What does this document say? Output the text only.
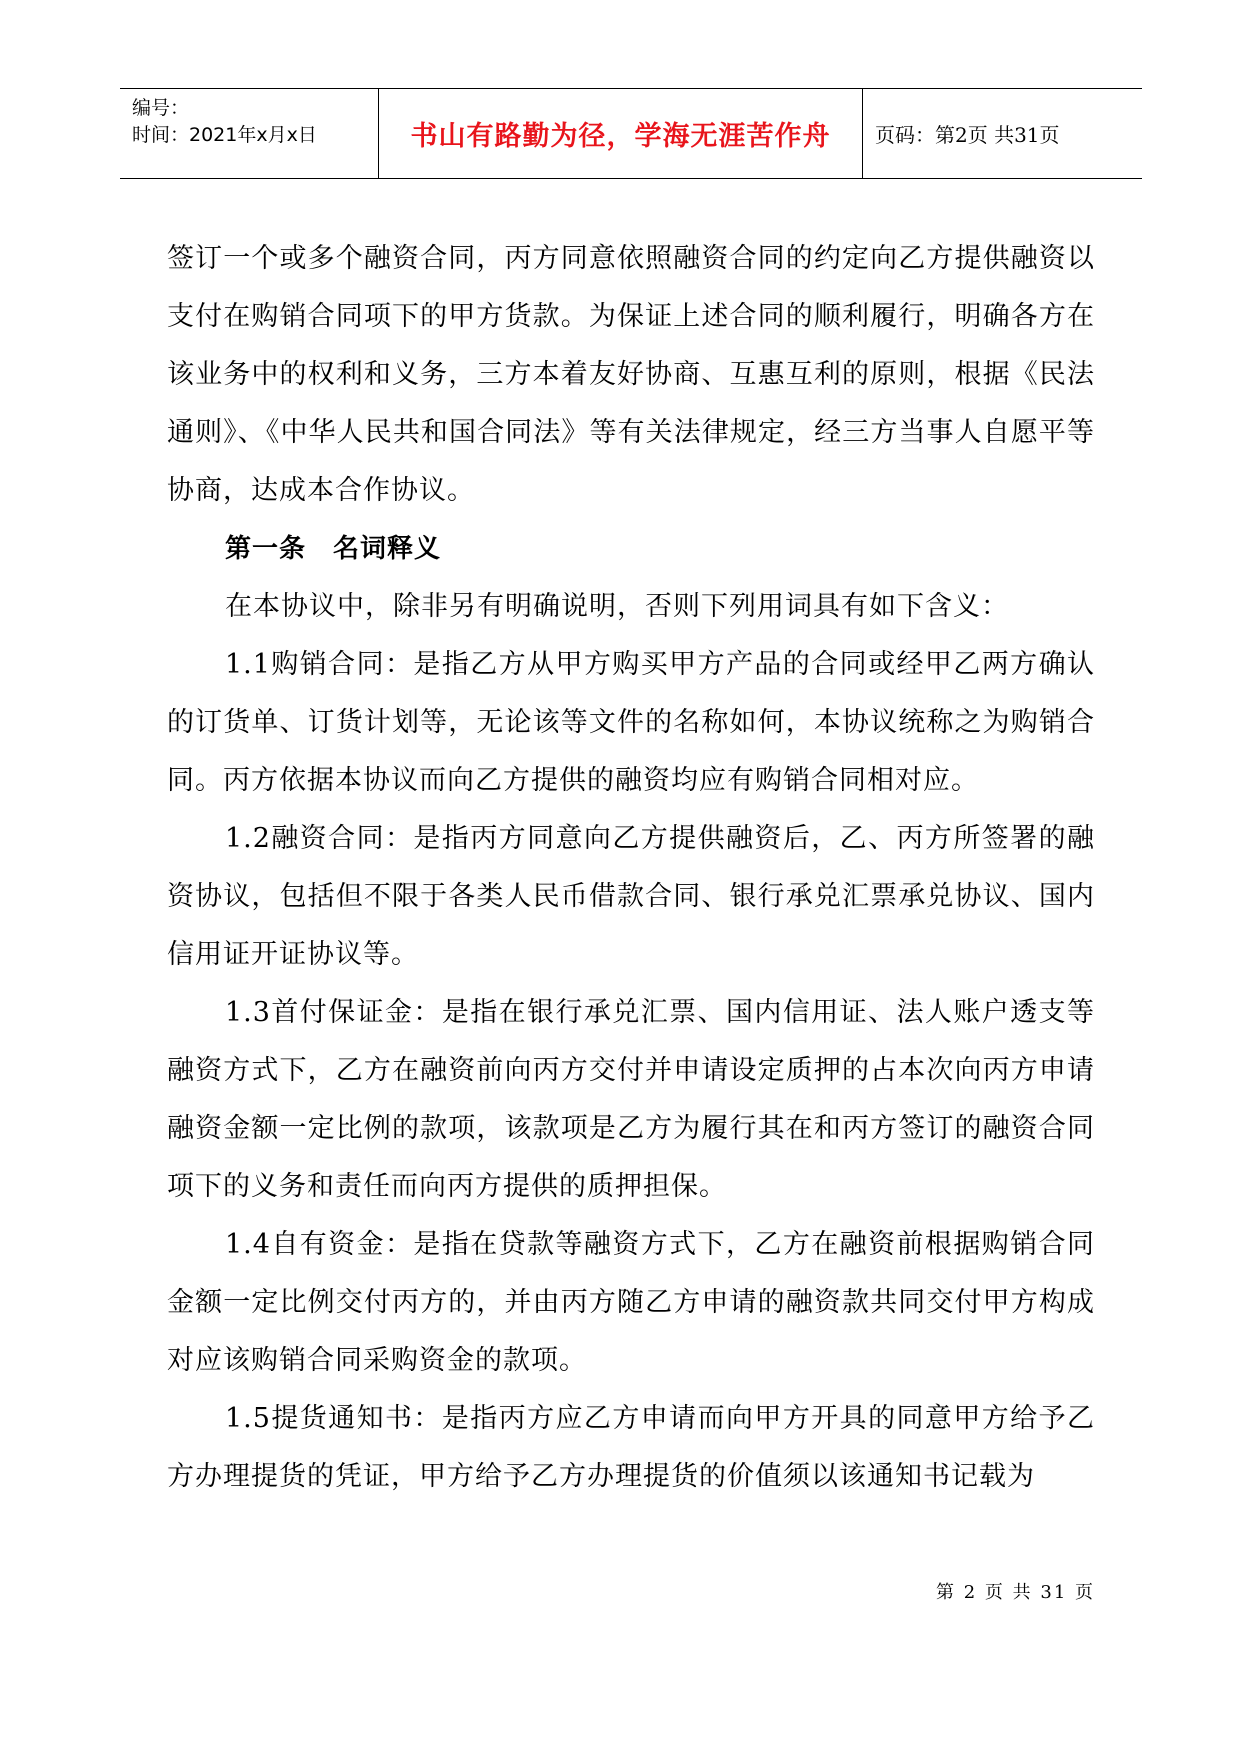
编号：
时间：2021年x月x日	书山有路勤为径，学海无涯苦作舟	页码：第2页 共31页

签订一个或多个融资合同，丙方同意依照融资合同的约定向乙方提供融资以支付在购销合同项下的甲方货款。为保证上述合同的顺利履行，明确各方在该业务中的权利和义务，三方本着友好协商、互惠互利的原则，根据《民法通则》、《中华人民共和国合同法》等有关法律规定，经三方当事人自愿平等协商，达成本合作协议。

第一条　名词释义

在本协议中，除非另有明确说明，否则下列用词具有如下含义：

1.1购销合同：是指乙方从甲方购买甲方产品的合同或经甲乙两方确认的订货单、订货计划等，无论该等文件的名称如何，本协议统称之为购销合同。丙方依据本协议而向乙方提供的融资均应有购销合同相对应。

1.2融资合同：是指丙方同意向乙方提供融资后，乙、丙方所签署的融资协议，包括但不限于各类人民币借款合同、银行承兑汇票承兑协议、国内信用证开证协议等。

1.3首付保证金：是指在银行承兑汇票、国内信用证、法人账户透支等融资方式下，乙方在融资前向丙方交付并申请设定质押的占本次向丙方申请融资金额一定比例的款项，该款项是乙方为履行其在和丙方签订的融资合同项下的义务和责任而向丙方提供的质押担保。

1.4自有资金：是指在贷款等融资方式下，乙方在融资前根据购销合同金额一定比例交付丙方的，并由丙方随乙方申请的融资款共同交付甲方构成对应该购销合同采购资金的款项。

1.5提货通知书：是指丙方应乙方申请而向甲方开具的同意甲方给予乙方办理提货的凭证，甲方给予乙方办理提货的价值须以该通知书记载为

第 2 页 共 31 页
